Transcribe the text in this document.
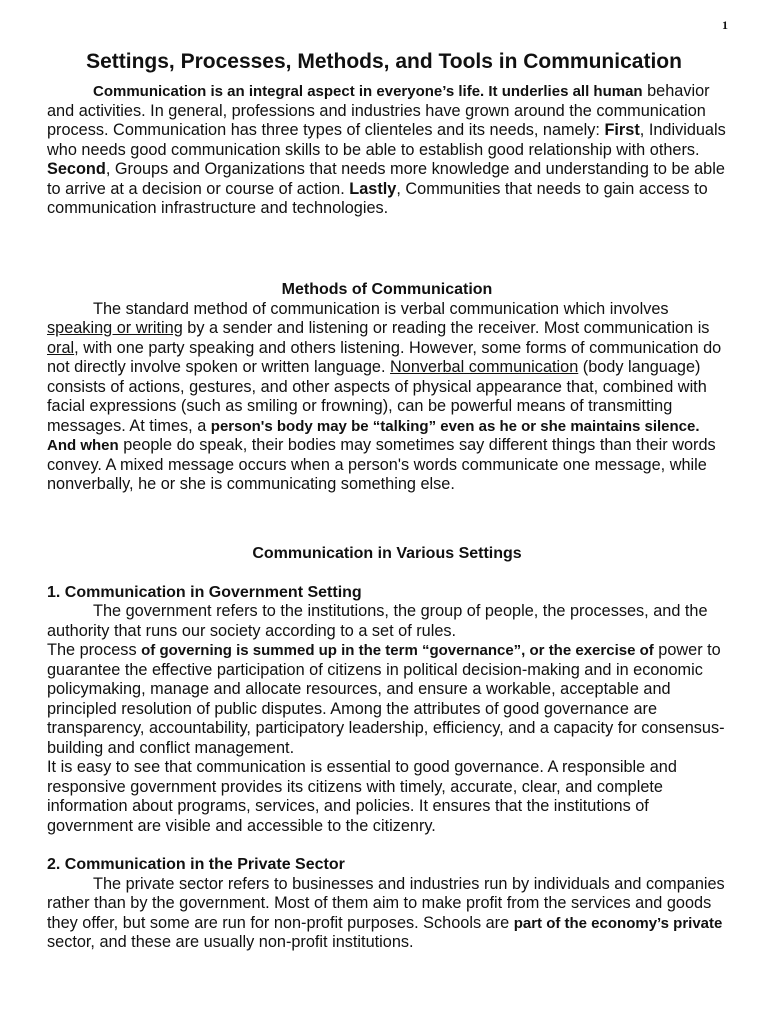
1
Settings, Processes, Methods, and Tools in Communication

Communication is an integral aspect in everyone’s life. It underlies all human behavior and activities. In general, professions and industries have grown around the communication process. Communication has three types of clienteles and its needs, namely: First, Individuals who needs good communication skills to be able to establish good relationship with others. Second, Groups and Organizations that needs more knowledge and understanding to be able to arrive at a decision or course of action. Lastly, Communities that needs to gain access to communication infrastructure and technologies.

Methods of Communication

The standard method of communication is verbal communication which involves speaking or writing by a sender and listening or reading the receiver. Most communication is oral, with one party speaking and others listening. However, some forms of communication do not directly involve spoken or written language. Nonverbal communication (body language) consists of actions, gestures, and other aspects of physical appearance that, combined with facial expressions (such as smiling or frowning), can be powerful means of transmitting messages. At times, a person's body may be “talking” even as he or she maintains silence. And when people do speak, their bodies may sometimes say different things than their words convey. A mixed message occurs when a person's words communicate one message, while nonverbally, he or she is communicating something else.

Communication in Various Settings
1. Communication in Government Setting

The government refers to the institutions, the group of people, the processes, and the authority that runs our society according to a set of rules.

The process of governing is summed up in the term “governance”, or the exercise of power to guarantee the effective participation of citizens in political decision-making and in economic policymaking, manage and allocate resources, and ensure a workable, acceptable and principled resolution of public disputes. Among the attributes of good governance are transparency, accountability, participatory leadership, efficiency, and a capacity for consensus-building and conflict management.

It is easy to see that communication is essential to good governance. A responsible and responsive government provides its citizens with timely, accurate, clear, and complete information about programs, services, and policies. It ensures that the institutions of government are visible and accessible to the citizenry.

2. Communication in the Private Sector

The private sector refers to businesses and industries run by individuals and companies rather than by the government. Most of them aim to make profit from the services and goods they offer, but some are run for non-profit purposes. Schools are part of the economy’s private sector, and these are usually non-profit institutions.
